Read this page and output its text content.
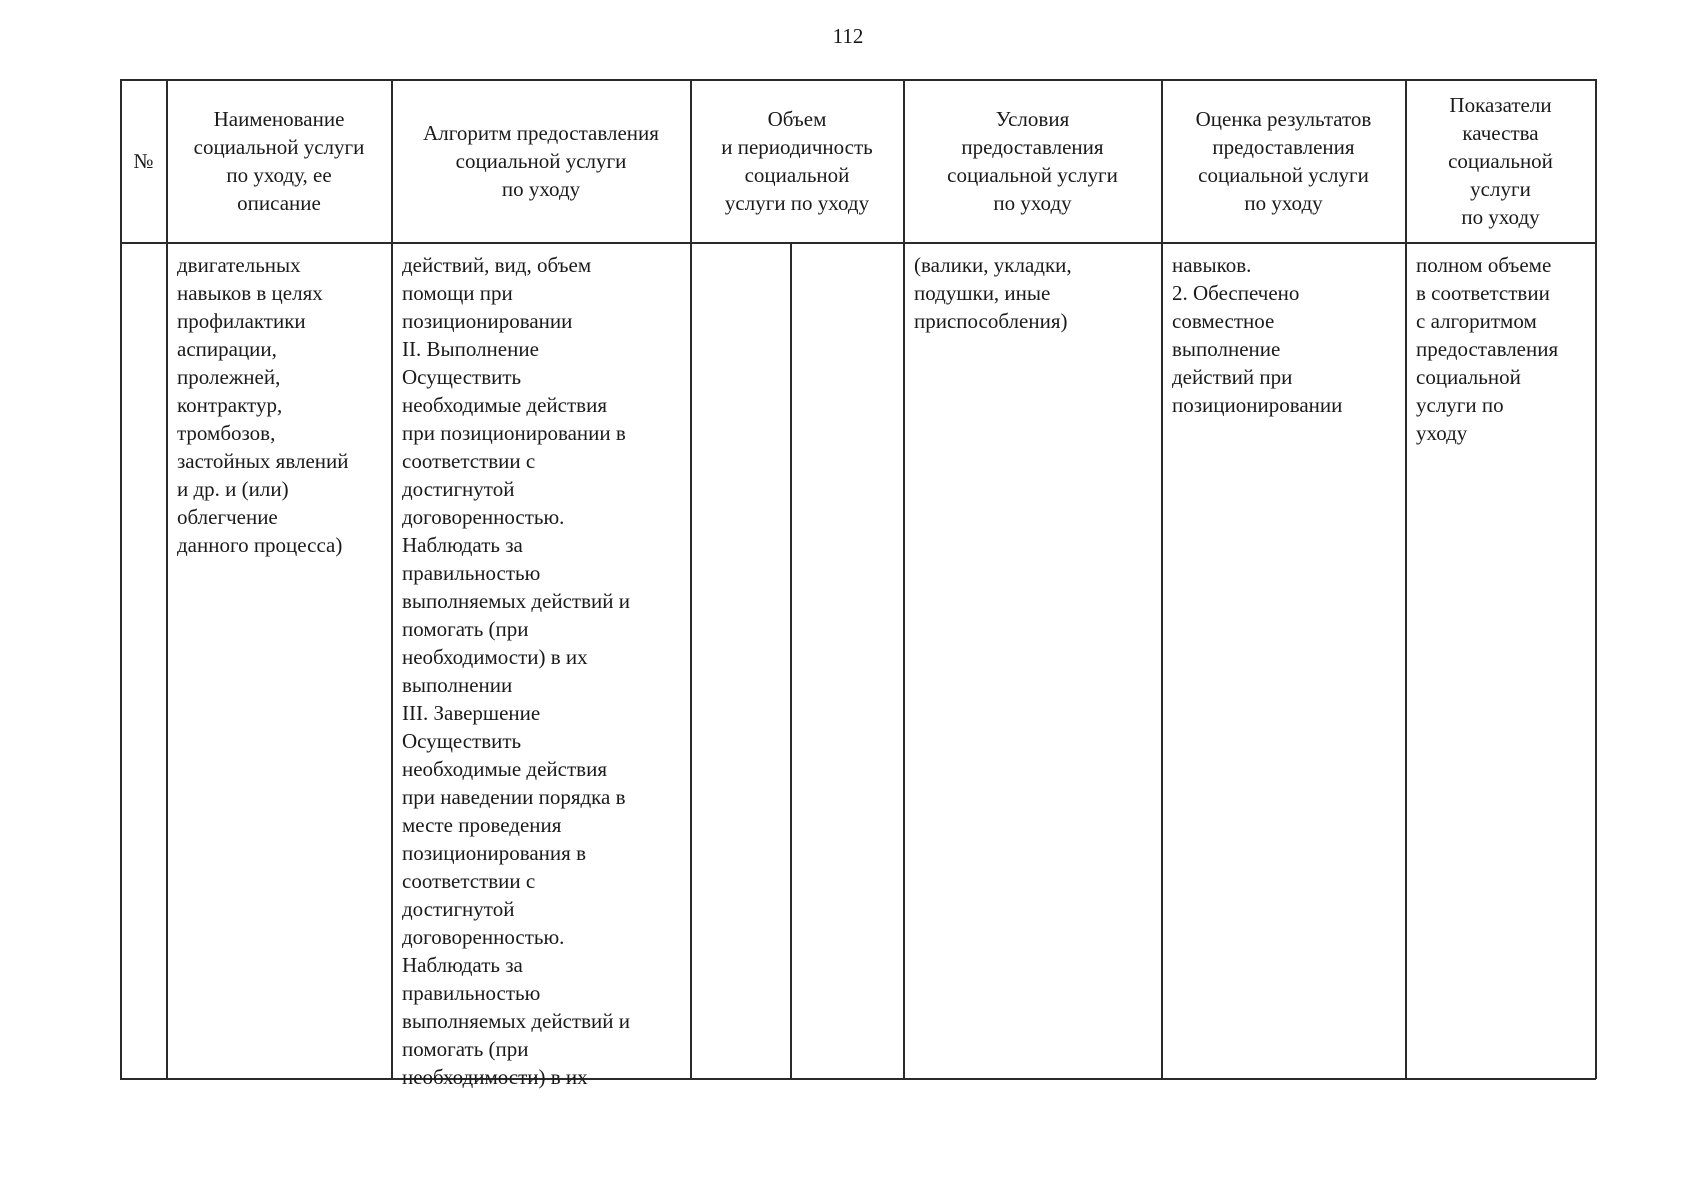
112
№
Наименование
социальной услуги
по уходу, ее
описание
Алгоритм предоставления
социальной услуги
по уходу
Объем
и периодичность
социальной
услуги по уходу
Условия
предоставления
социальной услуги
по уходу
Оценка результатов
предоставления
социальной услуги
по уходу
Показатели
качества
социальной
услуги
по уходу
двигательных
навыков в целях
профилактики
аспирации,
пролежней,
контрактур,
тромбозов,
застойных явлений
и др. и (или)
облегчение
данного процесса)
действий, вид, объем
помощи при
позиционировании
II. Выполнение
Осуществить
необходимые действия
при позиционировании в
соответствии с
достигнутой
договоренностью.
Наблюдать за
правильностью
выполняемых действий и
помогать (при
необходимости) в их
выполнении
III. Завершение
Осуществить
необходимые действия
при наведении порядка в
месте проведения
позиционирования в
соответствии с
достигнутой
договоренностью.
Наблюдать за
правильностью
выполняемых действий и
помогать (при
необходимости) в их
(валики, укладки,
подушки, иные
приспособления)
навыков.
2. Обеспечено
совместное
выполнение
действий при
позиционировании
полном объеме
в соответствии
с алгоритмом
предоставления
социальной
услуги по
уходу
